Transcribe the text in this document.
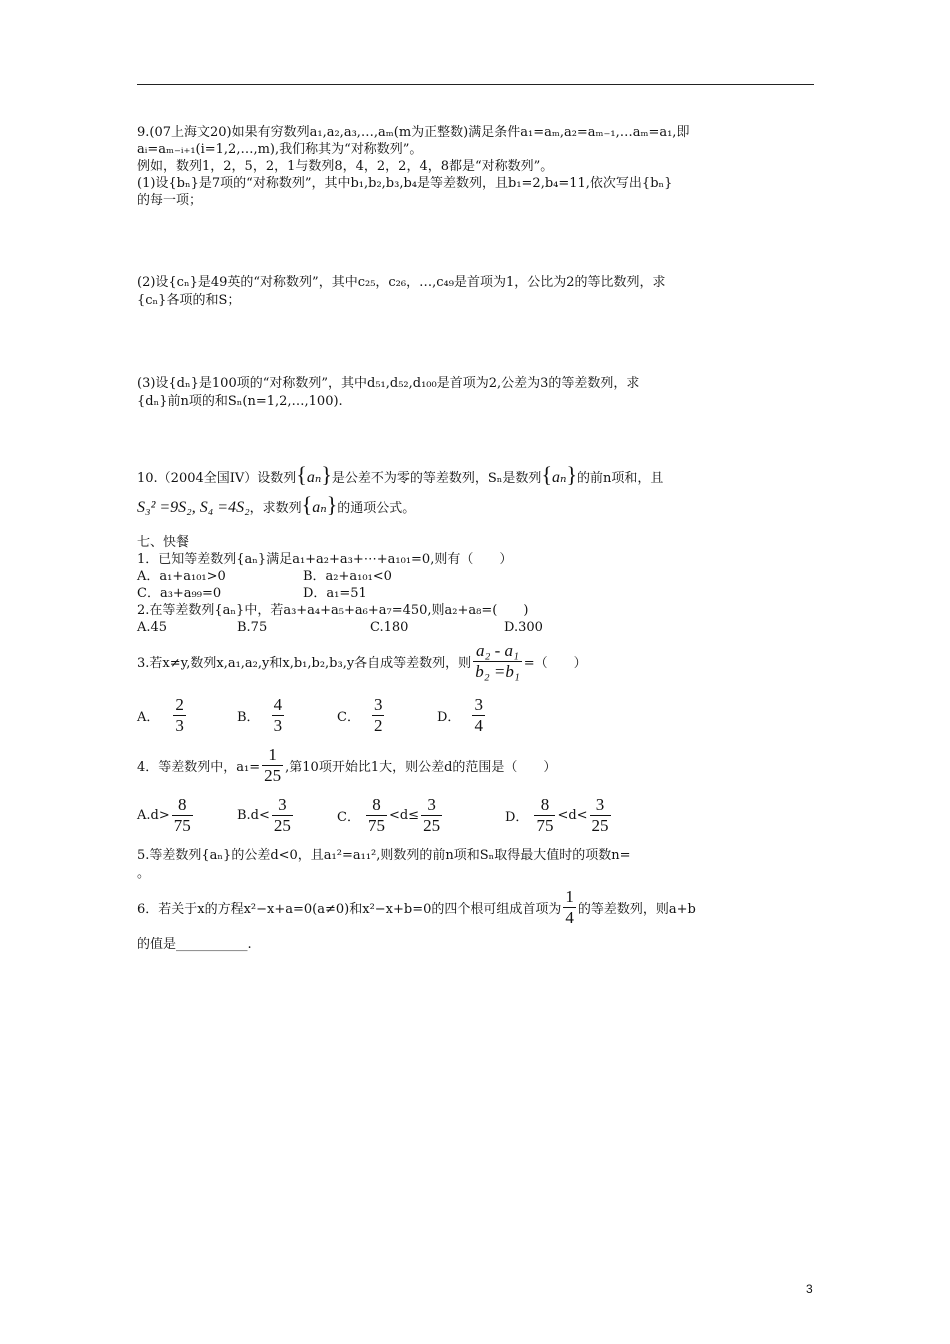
9.(07上海文20)如果有穷数列a₁,a₂,a₃,…,aₘ(m为正整数)满足条件a₁=aₘ,a₂=aₘ₋₁,…aₘ=a₁,即
aᵢ=aₘ₋ᵢ₊₁(i=1,2,…,m),我们称其为“对称数列”。
例如，数列1，2，5，2，1与数列8，4，2，2，4，8都是“对称数列”。
(1)设{bₙ}是7项的“对称数列”，其中b₁,b₂,b₃,b₄是等差数列，且b₁=2,b₄=11,依次写出{bₙ}
的每一项；
(2)设{cₙ}是49英的“对称数列”，其中c₂₅，c₂₆，…,c₄₉是首项为1，公比为2的等比数列，求
{cₙ}各项的和S；
(3)设{dₙ}是100项的“对称数列”，其中d₅₁,d₅₂,d₁₀₀是首项为2,公差为3的等差数列，求
{dₙ}前n项的和Sₙ(n=1,2,…,100).
10.（2004全国IV）设数列{aₙ}是公差不为零的等差数列，Sₙ是数列{aₙ}的前n项和，且
S₃² =9S₂, S₄ =4S₂，求数列{aₙ}的通项公式。
七、快餐
1．已知等差数列{aₙ}满足a₁+a₂+a₃+⋯+a₁₀₁=0,则有（　　）
A．a₁+a₁₀₁>0	B．a₂+a₁₀₁<0
C．a₃+a₉₉=0	D．a₁=51
2.在等差数列{aₙ}中，若a₃+a₄+a₅+a₆+a₇=450,则a₂+a₈=(　　)
A.45	B.75	C.180	D.300
3.若x≠y,数列x,a₁,a₂,y和x,b₁,b₂,b₃,y各自成等差数列，则 $\frac{\text{a₂ - a₁}}{\text{b₂ =b₁}}$ =（　　）
A． $\frac{2}{3}$	B． $\frac{4}{3}$	C． $\frac{3}{2}$	D． $\frac{3}{4}$
4．等差数列中，$a_1= \frac{1}{25}$ ,第10项开始比1大，则公差d的范围是（　　）
$A.d> \frac{8}{75}$	$B.d< \frac{3}{25}$	C． $\frac{8}{75} <d\le \frac{3}{25}$	D． $\frac{8}{75} <d< \frac{3}{25}$
5.等差数列{aₙ}的公差d<0，且a₁²=a₁₁²,则数列的前n项和Sₙ取得最大值时的项数n=
。
6．若关于x的方程x²−x+a=0(a≠0)和x²−x+b=0的四个根可组成首项为 $\frac{1}{4}$ 的等差数列，则a+b
的值是___________.
3
